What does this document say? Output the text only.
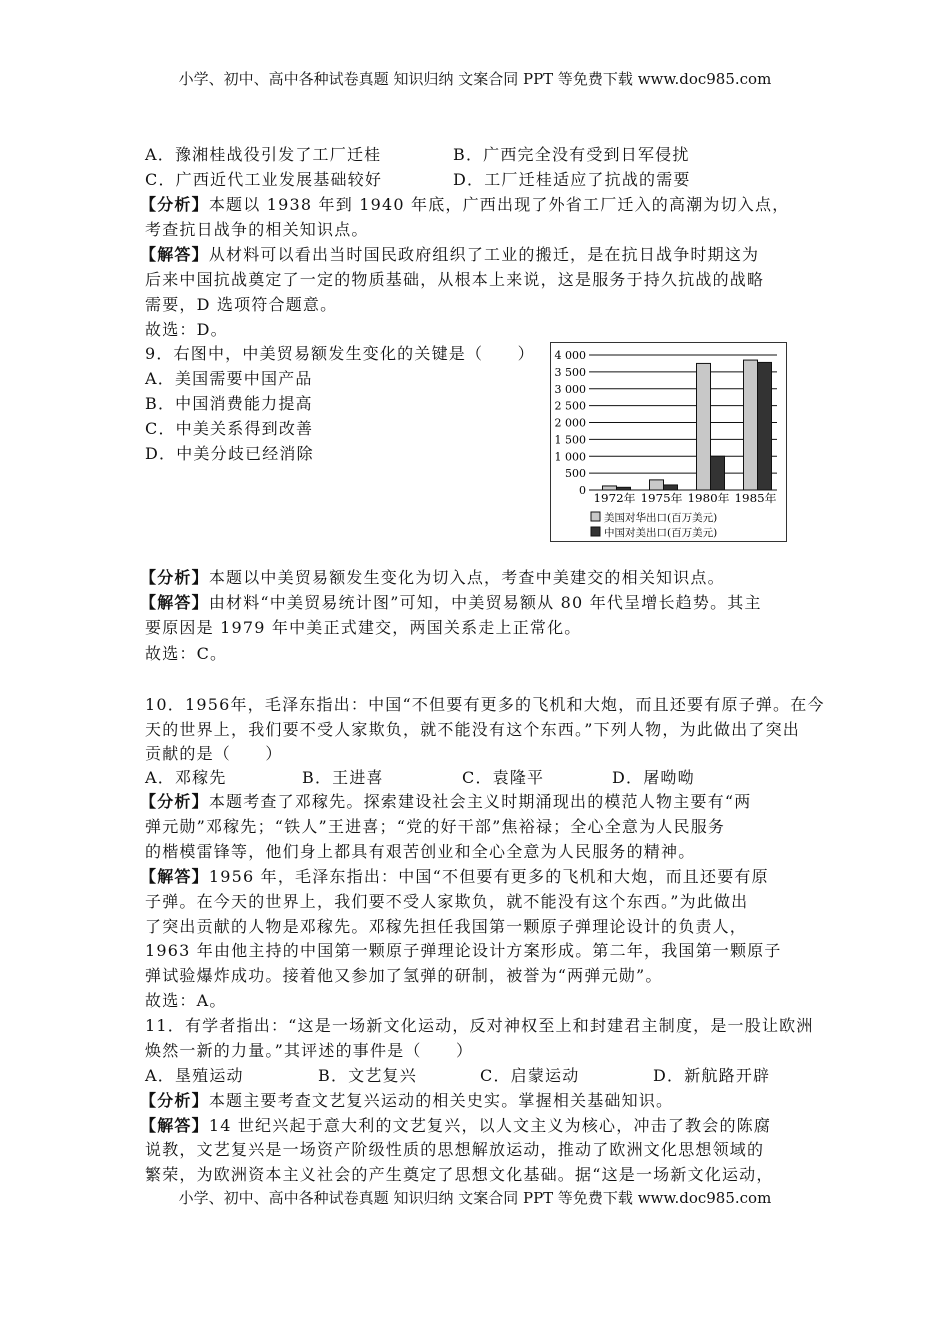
小学、初中、高中各种试卷真题 知识归纳 文案合同 PPT 等免费下载 www.doc985.com
A．豫湘桂战役引发了工厂迁桂	B．广西完全没有受到日军侵扰
C．广西近代工业发展基础较好	D．工厂迁桂适应了抗战的需要
【分析】本题以 1938 年到 1940 年底，广西出现了外省工厂迁入的高潮为切入点，
考查抗日战争的相关知识点。
【解答】从材料可以看出当时国民政府组织了工业的搬迁，是在抗日战争时期这为
后来中国抗战奠定了一定的物质基础，从根本上来说，这是服务于持久抗战的战略
需要，D 选项符合题意。
故选：D。
9．右图中，中美贸易额发生变化的关键是（　　）
A．美国需要中国产品
B．中国消费能力提高
C．中美关系得到改善
D．中美分歧已经消除
0
500
1 000
1 500
2 000
2 500
3 000
3 500
4 000
1972年 1975年 1980年 1985年
美国对华出口(百万美元)
中国对美出口(百万美元)
【分析】本题以中美贸易额发生变化为切入点，考查中美建交的相关知识点。
【解答】由材料“中美贸易统计图”可知，中美贸易额从 80 年代呈增长趋势。其主
要原因是 1979 年中美正式建交，两国关系走上正常化。
故选：C。
10．1956年，毛泽东指出：中国“不但要有更多的飞机和大炮，而且还要有原子弹。在今
天的世界上，我们要不受人家欺负，就不能没有这个东西。”下列人物，为此做出了突出
贡献的是（　　）
A．邓稼先	B．王进喜	C．袁隆平	D．屠呦呦
【分析】本题考查了邓稼先。探索建设社会主义时期涌现出的模范人物主要有“两
弹元勋”邓稼先；“铁人”王进喜；“党的好干部”焦裕禄；全心全意为人民服务
的楷模雷锋等，他们身上都具有艰苦创业和全心全意为人民服务的精神。
【解答】1956 年，毛泽东指出：中国“不但要有更多的飞机和大炮，而且还要有原
子弹。在今天的世界上，我们要不受人家欺负，就不能没有这个东西。”为此做出
了突出贡献的人物是邓稼先。邓稼先担任我国第一颗原子弹理论设计的负责人，
1963 年由他主持的中国第一颗原子弹理论设计方案形成。第二年，我国第一颗原子
弹试验爆炸成功。接着他又参加了氢弹的研制，被誉为“两弹元勋”。
故选：A。
11．有学者指出：“这是一场新文化运动，反对神权至上和封建君主制度，是一股让欧洲
焕然一新的力量。”其评述的事件是（　　）
A．垦殖运动	B．文艺复兴	C．启蒙运动	D．新航路开辟
【分析】本题主要考查文艺复兴运动的相关史实。掌握相关基础知识。
【解答】14 世纪兴起于意大利的文艺复兴，以人文主义为核心，冲击了教会的陈腐
说教，文艺复兴是一场资产阶级性质的思想解放运动，推动了欧洲文化思想领域的
繁荣，为欧洲资本主义社会的产生奠定了思想文化基础。据“这是一场新文化运动，
小学、初中、高中各种试卷真题 知识归纳 文案合同 PPT 等免费下载 www.doc985.com
